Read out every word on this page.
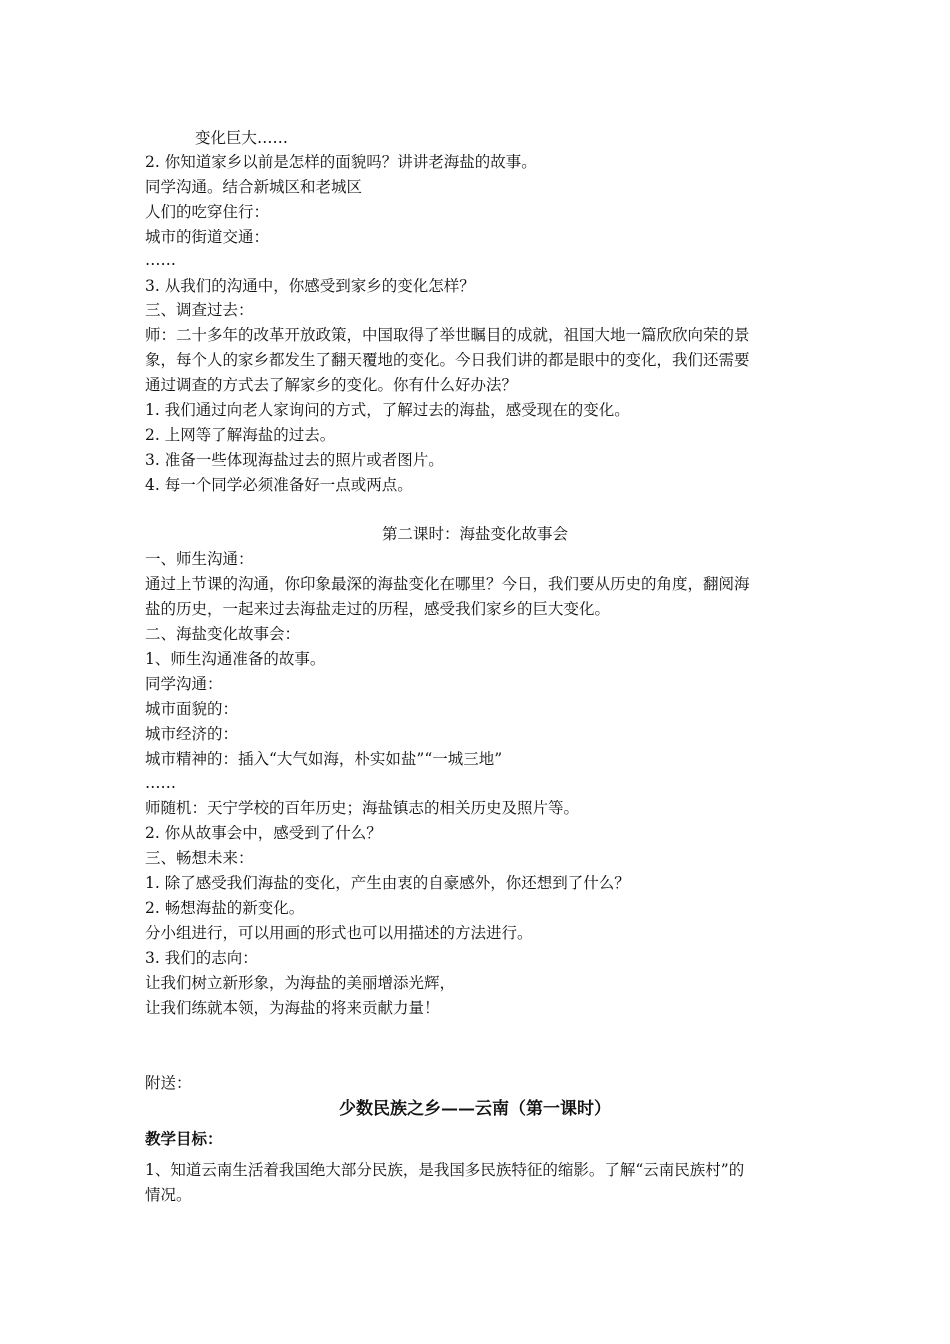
变化巨大……
2. 你知道家乡以前是怎样的面貌吗？讲讲老海盐的故事。
同学沟通。结合新城区和老城区
人们的吃穿住行：
城市的街道交通：
……
3. 从我们的沟通中，你感受到家乡的变化怎样？
三、调查过去：
师：二十多年的改革开放政策，中国取得了举世瞩目的成就，祖国大地一篇欣欣向荣的景
象，每个人的家乡都发生了翻天覆地的变化。今日我们讲的都是眼中的变化，我们还需要
通过调查的方式去了解家乡的变化。你有什么好办法？
1. 我们通过向老人家询问的方式，了解过去的海盐，感受现在的变化。
2. 上网等了解海盐的过去。
3. 准备一些体现海盐过去的照片或者图片。
4. 每一个同学必须准备好一点或两点。
第二课时：海盐变化故事会
一、师生沟通：
通过上节课的沟通，你印象最深的海盐变化在哪里？今日，我们要从历史的角度，翻阅海
盐的历史，一起来过去海盐走过的历程，感受我们家乡的巨大变化。
二、海盐变化故事会：
1、师生沟通准备的故事。
同学沟通：
城市面貌的：
城市经济的：
城市精神的：插入“大气如海，朴实如盐”“一城三地”
……
师随机：天宁学校的百年历史；海盐镇志的相关历史及照片等。
2. 你从故事会中，感受到了什么？
三、畅想未来：
1. 除了感受我们海盐的变化，产生由衷的自豪感外，你还想到了什么？
2. 畅想海盐的新变化。
分小组进行，可以用画的形式也可以用描述的方法进行。
3. 我们的志向：
让我们树立新形象，为海盐的美丽增添光辉，
让我们练就本领，为海盐的将来贡献力量！
附送：
少数民族之乡——云南（第一课时）
教学目标：
1、知道云南生活着我国绝大部分民族，是我国多民族特征的缩影。了解“云南民族村”的
情况。
